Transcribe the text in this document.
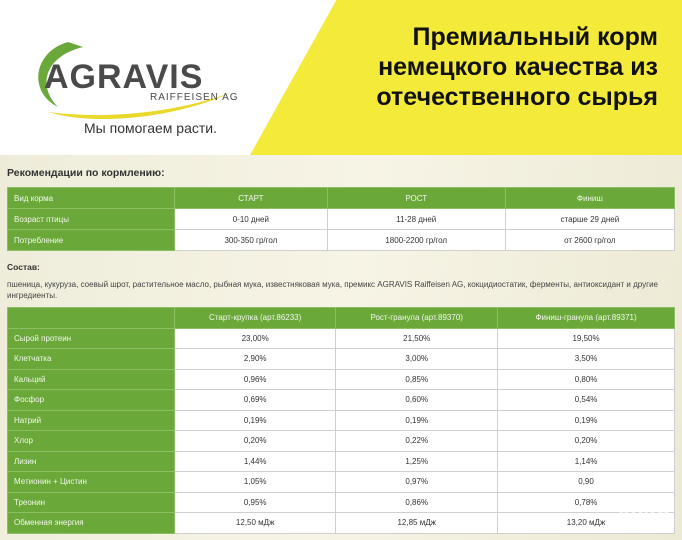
AGRAVIS
RAIFFEISEN AG
Мы помогаем расти.
Премиальный корм
немецкого качества из
отечественного сырья
Рекомендации по кормлению:
Вид корма	СТАРТ	РОСТ	Финиш
Возраст птицы	0-10 дней	11-28 дней	старше 29 дней
Потребление	300-350 гр/гол	1800-2200 гр/гол	от 2600 гр/гол
Состав:
пшеница, кукуруза, соевый шрот, растительное масло, рыбная мука, известняковая мука, премикс AGRAVIS Raiffeisen AG, кокцидиостатик, ферменты, антиоксидант и другие ингредиенты.
	Старт-крупка (арт.86233)	Рост-гранула (арт.89370)	Финиш-гранула (арт.89371)
Сырой протеин	23,00%	21,50%	19,50%
Клетчатка	2,90%	3,00%	3,50%
Кальций	0,96%	0,85%	0,80%
Фосфор	0,69%	0,60%	0,54%
Натрий	0,19%	0,19%	0,19%
Хлор	0,20%	0,22%	0,20%
Лизин	1,44%	1,25%	1,14%
Метионин + Цистин	1,05%	0,97%	0,90
Треонин	0,95%	0,86%	0,78%
Обменная энергия	12,50 мДж	12,85 мДж	13,20 мДж Avito
